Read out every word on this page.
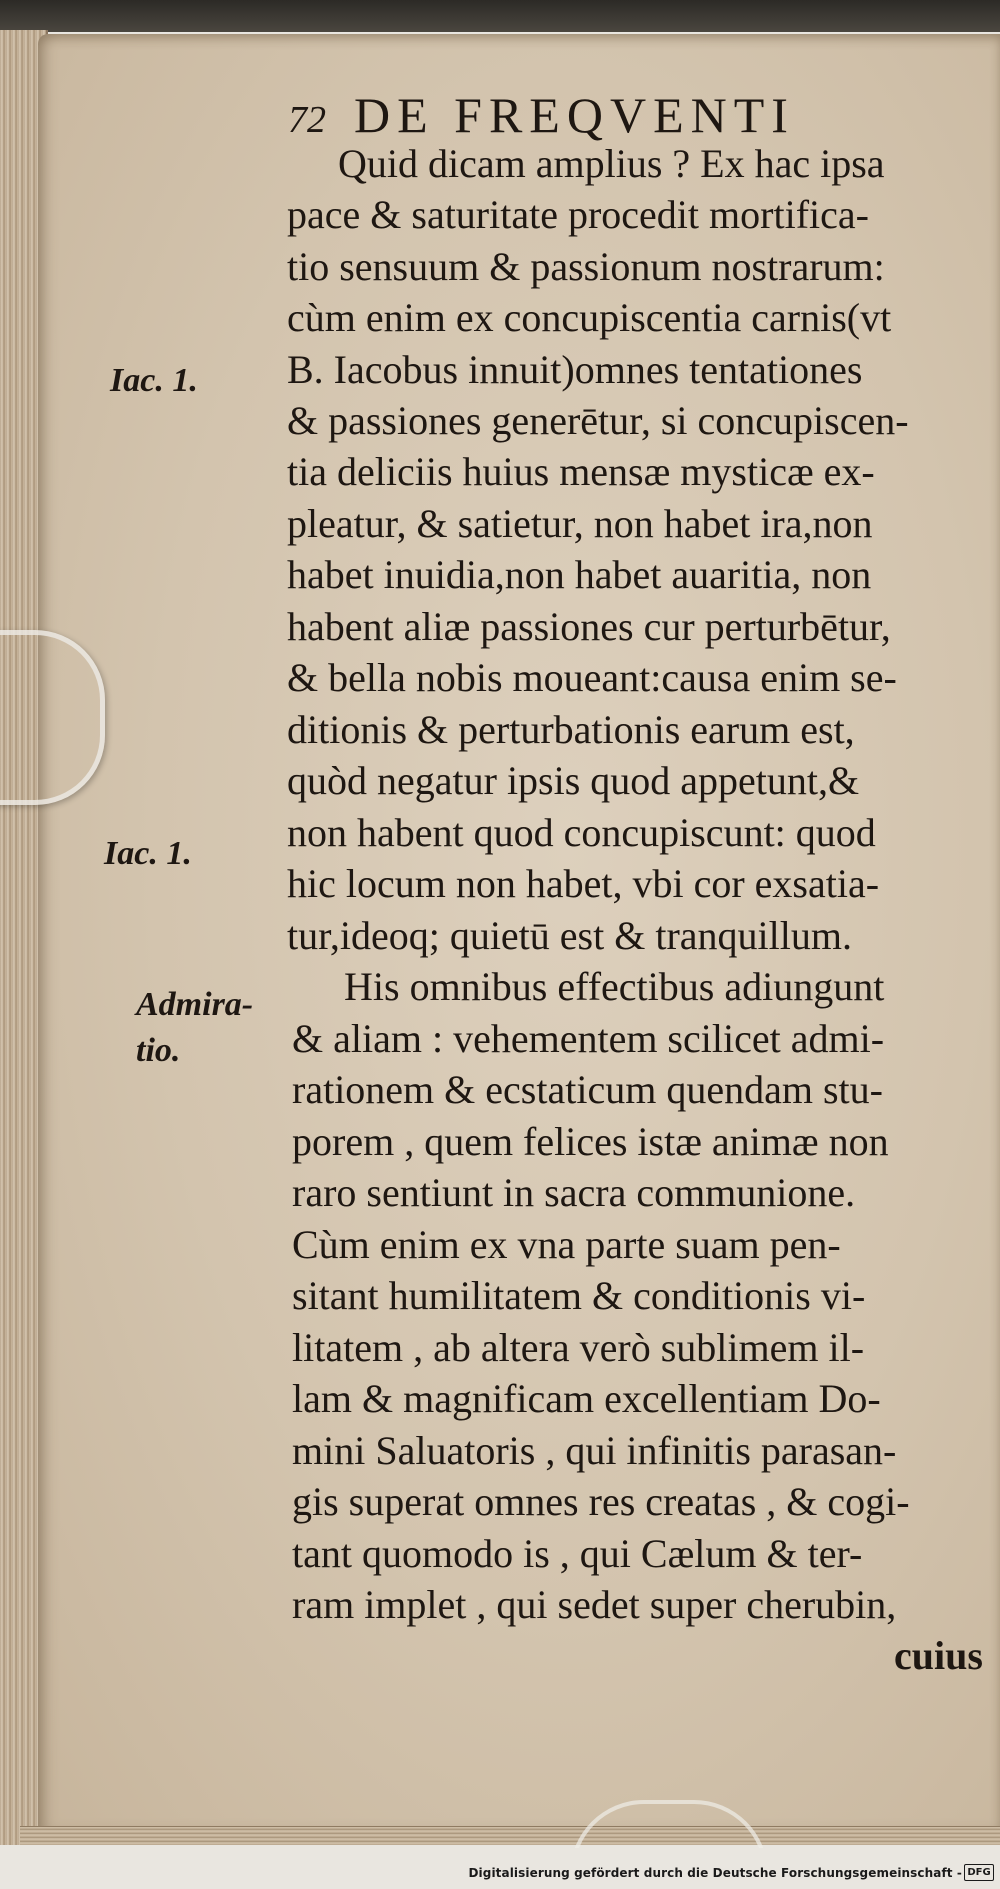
72 DE FREQVENTI
Quid dicam amplius ? Ex hac ipsa
pace & saturitate procedit mortifica-
tio sensuum & passionum nostrarum:
cùm enim ex concupiscentia carnis(vt
B. Iacobus innuit)omnes tentationes
& passiones generētur, si concupiscen-
tia deliciis huius mensæ mysticæ ex-
pleatur, & satietur, non habet ira,non
habet inuidia,non habet auaritia, non
habent aliæ passiones cur perturbētur,
& bella nobis moueant:causa enim se-
ditionis & perturbationis earum est,
quòd negatur ipsis quod appetunt,&
non habent quod concupiscunt: quod
hic locum non habet, vbi cor exsatia-
tur,ideoq; quietū est & tranquillum.
His omnibus effectibus adiungunt
& aliam : vehementem scilicet admi-
rationem & ecstaticum quendam stu-
porem , quem felices istæ animæ non
raro sentiunt in sacra communione.
Cùm enim ex vna parte suam pen-
sitant humilitatem & conditionis vi-
litatem , ab altera verò sublimem il-
lam & magnificam excellentiam Do-
mini Saluatoris , qui infinitis parasan-
gis superat omnes res creatas , & cogi-
tant quomodo is , qui Cælum & ter-
ram implet , qui sedet super cherubin,
cuius
Iac. 1.
Iac. 1.
Admira-
tio.
Digitalisierung gefördert durch die Deutsche Forschungsgemeinschaft - DFG
